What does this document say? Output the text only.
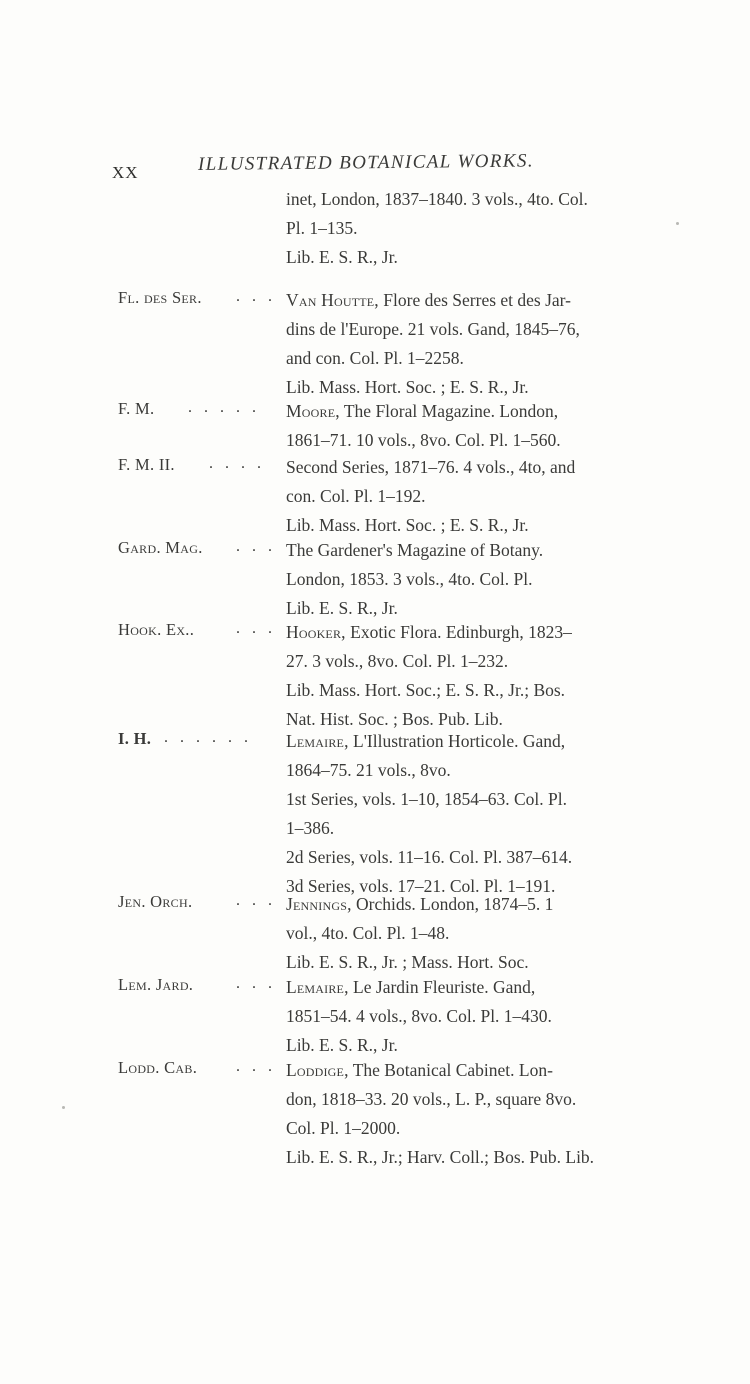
XX	ILLUSTRATED BOTANICAL WORKS.
inet, London, 1837–1840. 3 vols., 4to. Col.
Pl. 1–135.
Lib. E. S. R., Jr.
Fl. des Ser.	. . . Van Houtte, Flore des Serres et des Jar-
dins de l'Europe. 21 vols. Gand, 1845–76,
and con. Col. Pl. 1–2258.
Lib. Mass. Hort. Soc. ; E. S. R., Jr.
F. M.	. . . . . Moore, The Floral Magazine. London,
1861–71. 10 vols., 8vo. Col. Pl. 1–560.
F. M. II.	. . . . Second Series, 1871–76. 4 vols., 4to, and
con. Col. Pl. 1–192.
Lib. Mass. Hort. Soc. ; E. S. R., Jr.
Gard. Mag.	. . . The Gardener's Magazine of Botany.
London, 1853. 3 vols., 4to. Col. Pl.
Lib. E. S. R., Jr.
Hook. Ex..	. . . Hooker, Exotic Flora. Edinburgh, 1823–
27. 3 vols., 8vo. Col. Pl. 1–232.
Lib. Mass. Hort. Soc.; E. S. R., Jr.; Bos.
Nat. Hist. Soc. ; Bos. Pub. Lib.
I. H. . . . . . . Lemaire, L'Illustration Horticole. Gand,
1864–75. 21 vols., 8vo.
1st Series, vols. 1–10, 1854–63. Col. Pl.
1–386.
2d Series, vols. 11–16. Col. Pl. 387–614.
3d Series, vols. 17–21. Col. Pl. 1–191.
Jen. Orch.	. . . Jennings, Orchids. London, 1874–5. 1
vol., 4to. Col. Pl. 1–48.
Lib. E. S. R., Jr. ; Mass. Hort. Soc.
Lem. Jard.	. . . Lemaire, Le Jardin Fleuriste. Gand,
1851–54. 4 vols., 8vo. Col. Pl. 1–430.
Lib. E. S. R., Jr.
Lodd. Cab.	. . . Loddige, The Botanical Cabinet. Lon-
don, 1818–33. 20 vols., L. P., square 8vo.
Col. Pl. 1–2000.
Lib. E. S. R., Jr.; Harv. Coll.; Bos. Pub. Lib.
